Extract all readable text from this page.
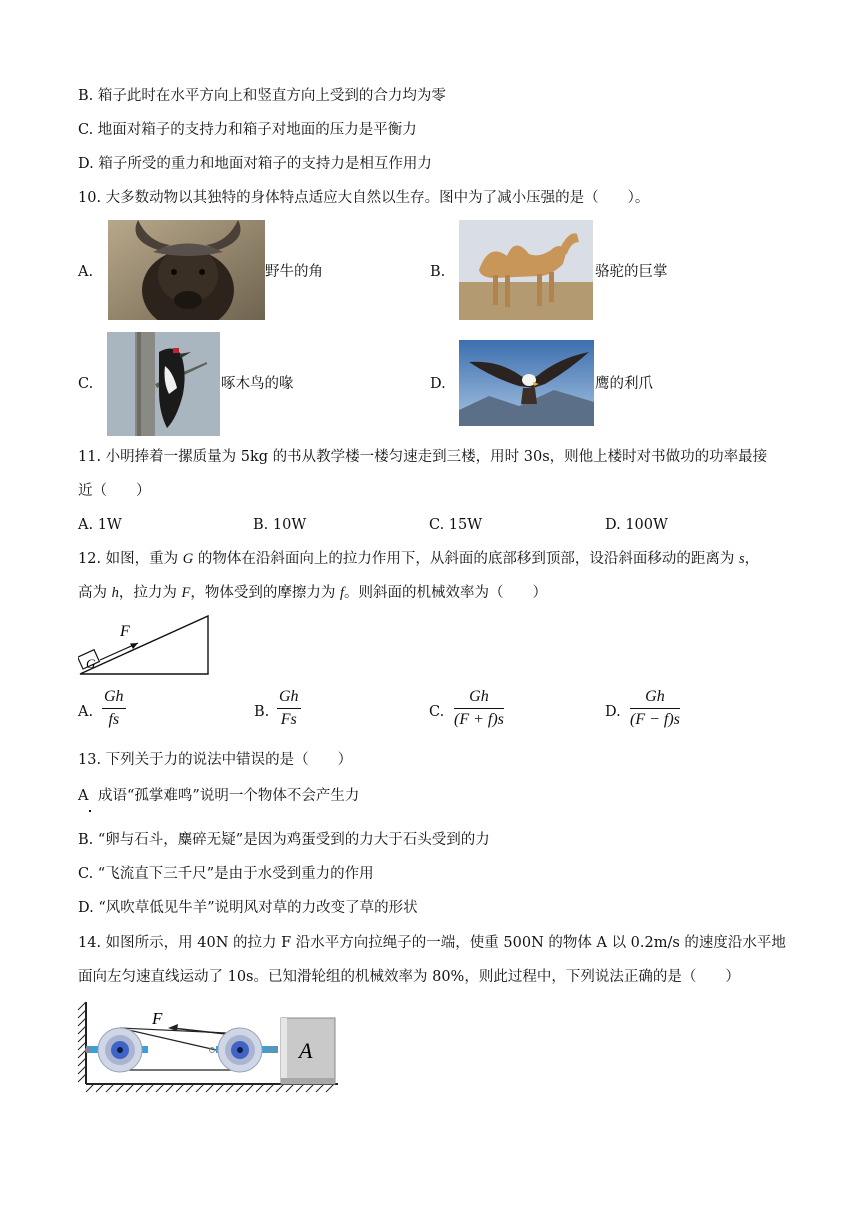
B. 箱子此时在水平方向上和竖直方向上受到的合力均为零
C. 地面对箱子的支持力和箱子对地面的压力是平衡力
D. 箱子所受的重力和地面对箱子的支持力是相互作用力
10. 大多数动物以其独特的身体特点适应大自然以生存。图中为了减小压强的是（　　）。
A.	野牛的角	B.	骆驼的巨掌
C.	啄木鸟的喙	D.	鹰的利爪
11. 小明捧着一摞质量为 5kg 的书从教学楼一楼匀速走到三楼，用时 30s，则他上楼时对书做功的功率最接
近（　　）
A. 1W	B. 10W	C. 15W	D. 100W
12. 如图，重为 G 的物体在沿斜面向上的拉力作用下，从斜面的底部移到顶部，设沿斜面移动的距离为 s，
高为 h，拉力为 F，物体受到的摩擦力为 f。则斜面的机械效率为（　　）
F
G
A. $\frac{Gh}{fs}$	B. $\frac{Gh}{Fs}$	C. $\frac{Gh}{(F + f)s}$	D. $\frac{Gh}{(F - f)s}$
13. 下列关于力的说法中错误的是（　　）
A 成语“孤掌难鸣”说明一个物体不会产生力
B. “卵与石斗，麋碎无疑”是因为鸡蛋受到的力大于石头受到的力
C. “飞流直下三千尺”是由于水受到重力的作用
D. “风吹草低见牛羊”说明风对草的力改变了草的形状
14. 如图所示，用 40N 的拉力 F 沿水平方向拉绳子的一端，使重 500N 的物体 A 以 0.2m/s 的速度沿水平地
面向左匀速直线运动了 10s。已知滑轮组的机械效率为 80%，则此过程中，下列说法正确的是（　　）
F
A
